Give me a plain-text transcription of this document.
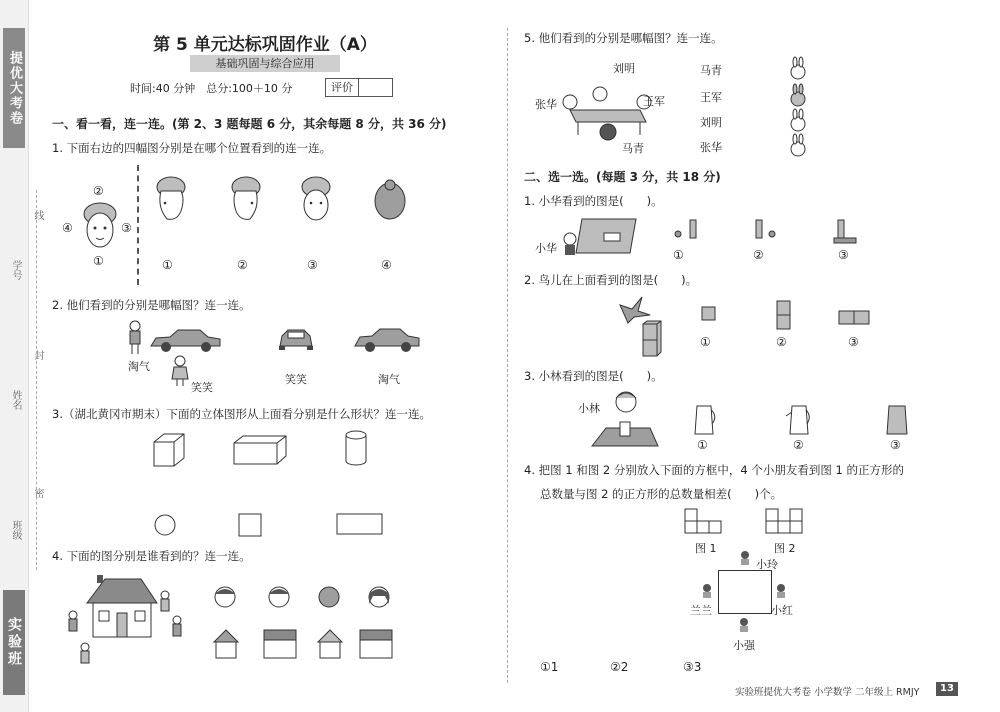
提优大考卷
实验班
班级
姓名
学号
线
封
密
第 5 单元达标巩固作业（A）
基础巩固与综合应用
时间:40 分钟　总分:100＋10 分	评价
一、看一看，连一连。(第 2、3 题每题 6 分，其余每题 8 分，共 36 分)
1. 下面右边的四幅图分别是在哪个位置看到的连一连。
②
④	③
①	①	②	③	④
2. 他们看到的分别是哪幅图？连一连。
淘气
笑笑
笑笑	淘气
3.（湖北黄冈市期末）下面的立体图形从上面看分别是什么形状？连一连。
4. 下面的图分别是谁看到的？连一连。
5. 他们看到的分别是哪幅图？连一连。
刘明
张华	王军
马青
马青
王军
刘明
张华
二、选一选。(每题 3 分，共 18 分)
1. 小华看到的图是(　　)。
小华	①	②	③
2. 鸟儿在上面看到的图是(　　)。
①	②	③
3. 小林看到的图是(　　)。
小林
①	②	③
4. 把图 1 和图 2 分别放入下面的方框中，4 个小朋友看到图 1 的正方形的
总数量与图 2 的正方形的总数量相差(　　)个。
图 1	图 2
小玲
兰兰	小红
小强
①1	②2	③3
实验班提优大考卷 小学数学 二年级上 RMJY	13
